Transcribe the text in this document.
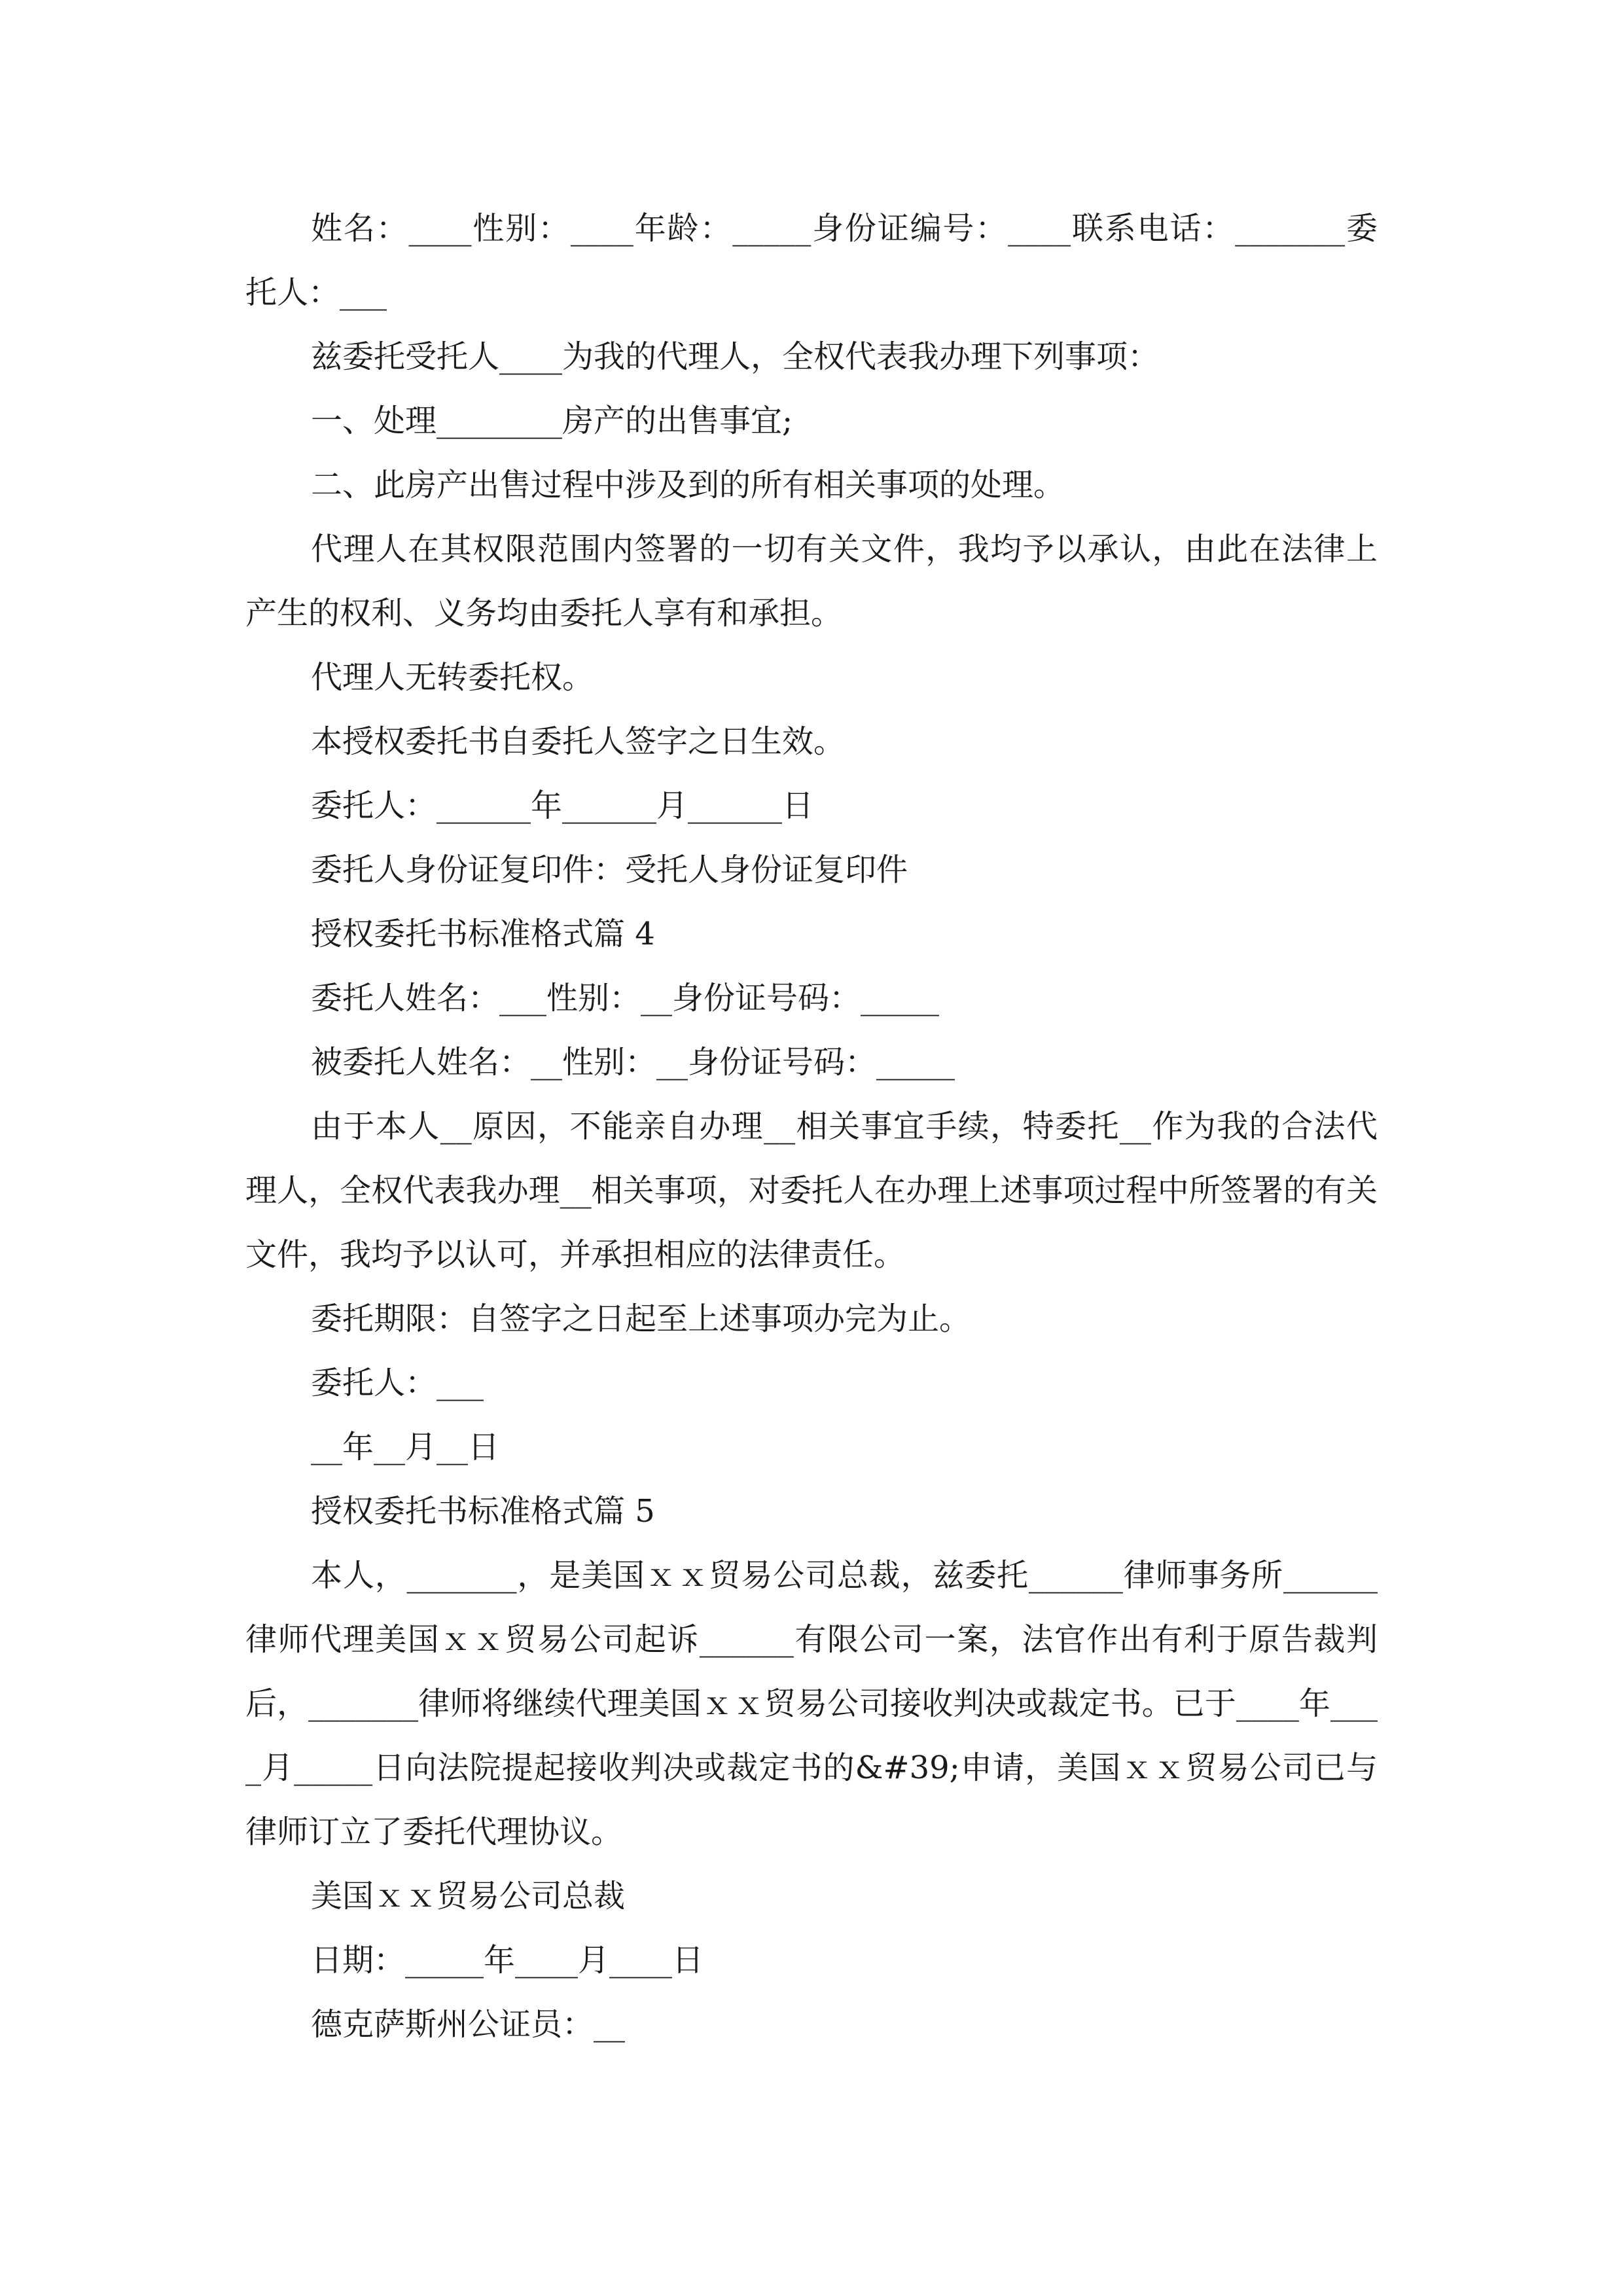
姓名：____性别：____年龄：_____身份证编号：____联系电话：_______委托人：___

兹委托受托人____为我的代理人，全权代表我办理下列事项：

一、处理________房产的出售事宜;

二、此房产出售过程中涉及到的所有相关事项的处理。

代理人在其权限范围内签署的一切有关文件，我均予以承认，由此在法律上产生的权利、义务均由委托人享有和承担。

代理人无转委托权。

本授权委托书自委托人签字之日生效。

委托人：______年______月______日

委托人身份证复印件：受托人身份证复印件

授权委托书标准格式篇 4

委托人姓名：___性别：__身份证号码：_____

被委托人姓名：__性别：__身份证号码：_____

由于本人__原因，不能亲自办理__相关事宜手续，特委托__作为我的合法代理人，全权代表我办理__相关事项，对委托人在办理上述事项过程中所签署的有关文件，我均予以认可，并承担相应的法律责任。

委托期限：自签字之日起至上述事项办完为止。

委托人：___

__年__月__日

授权委托书标准格式篇 5

本人，_______，是美国ｘｘ贸易公司总裁，兹委托______律师事务所______律师代理美国ｘｘ贸易公司起诉______有限公司一案，法官作出有利于原告裁判后，_______律师将继续代理美国ｘｘ贸易公司接收判决或裁定书。已于____年____月_____日向法院提起接收判决或裁定书的&#39;申请，美国ｘｘ贸易公司已与律师订立了委托代理协议。

美国ｘｘ贸易公司总裁

日期：_____年____月____日

德克萨斯州公证员：__
